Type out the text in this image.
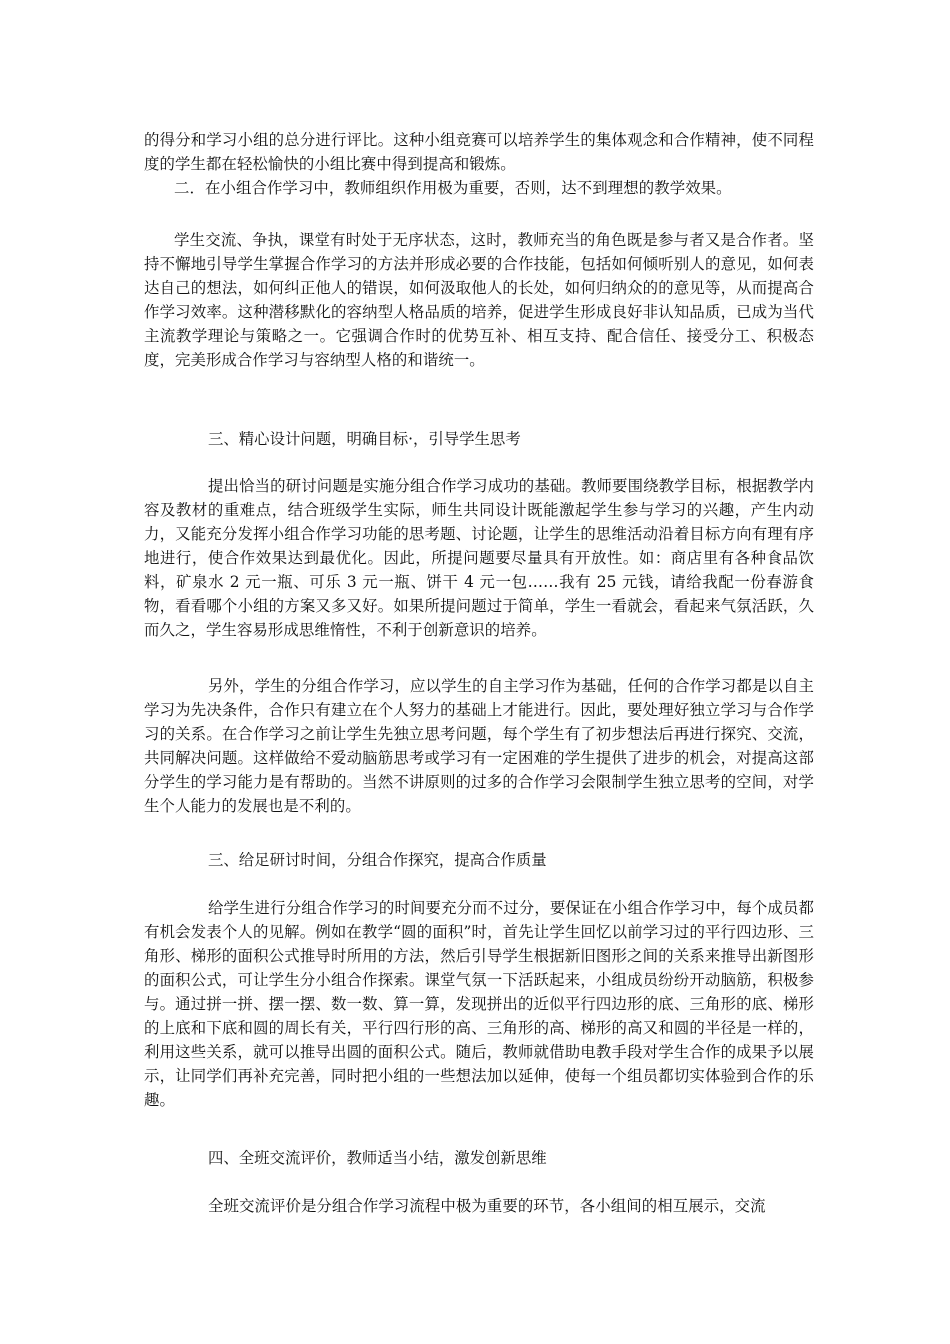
的得分和学习小组的总分进行评比。这种小组竞赛可以培养学生的集体观念和合作精神，使不同程度的学生都在轻松愉快的小组比赛中得到提高和锻炼。

二．在小组合作学习中，教师组织作用极为重要，否则，达不到理想的教学效果。

学生交流、争执，课堂有时处于无序状态，这时，教师充当的角色既是参与者又是合作者。坚持不懈地引导学生掌握合作学习的方法并形成必要的合作技能，包括如何倾听别人的意见，如何表达自己的想法，如何纠正他人的错误，如何汲取他人的长处，如何归纳众的的意见等，从而提高合作学习效率。这种潜移默化的容纳型人格品质的培养，促进学生形成良好非认知品质，已成为当代主流教学理论与策略之一。它强调合作时的优势互补、相互支持、配合信任、接受分工、积极态度，完美形成合作学习与容纳型人格的和谐统一。

三、精心设计问题，明确目标·，引导学生思考

提出恰当的研讨问题是实施分组合作学习成功的基础。教师要围绕教学目标，根据教学内容及教材的重难点，结合班级学生实际，师生共同设计既能激起学生参与学习的兴趣，产生内动力，又能充分发挥小组合作学习功能的思考题、讨论题，让学生的思维活动沿着目标方向有理有序地进行，使合作效果达到最优化。因此，所提问题要尽量具有开放性。如：商店里有各种食品饮料，矿泉水 2 元一瓶、可乐 3 元一瓶、饼干 4 元一包……我有 25 元钱，请给我配一份春游食物，看看哪个小组的方案又多又好。如果所提问题过于简单，学生一看就会，看起来气氛活跃，久而久之，学生容易形成思维惰性，不利于创新意识的培养。

另外，学生的分组合作学习，应以学生的自主学习作为基础，任何的合作学习都是以自主学习为先决条件，合作只有建立在个人努力的基础上才能进行。因此，要处理好独立学习与合作学习的关系。在合作学习之前让学生先独立思考问题，每个学生有了初步想法后再进行探究、交流，共同解决问题。这样做给不爱动脑筋思考或学习有一定困难的学生提供了进步的机会，对提高这部分学生的学习能力是有帮助的。当然不讲原则的过多的合作学习会限制学生独立思考的空间，对学生个人能力的发展也是不利的。

三、给足研讨时间，分组合作探究，提高合作质量

给学生进行分组合作学习的时间要充分而不过分，要保证在小组合作学习中，每个成员都有机会发表个人的见解。例如在教学“圆的面积”时，首先让学生回忆以前学习过的平行四边形、三角形、梯形的面积公式推导时所用的方法，然后引导学生根据新旧图形之间的关系来推导出新图形的面积公式，可让学生分小组合作探索。课堂气氛一下活跃起来，小组成员纷纷开动脑筋，积极参与。通过拼一拼、摆一摆、数一数、算一算，发现拼出的近似平行四边形的底、三角形的底、梯形的上底和下底和圆的周长有关，平行四行形的高、三角形的高、梯形的高又和圆的半径是一样的，利用这些关系，就可以推导出圆的面积公式。随后，教师就借助电教手段对学生合作的成果予以展示，让同学们再补充完善，同时把小组的一些想法加以延伸，使每一个组员都切实体验到合作的乐趣。

四、全班交流评价，教师适当小结，激发创新思维

全班交流评价是分组合作学习流程中极为重要的环节，各小组间的相互展示，交流
